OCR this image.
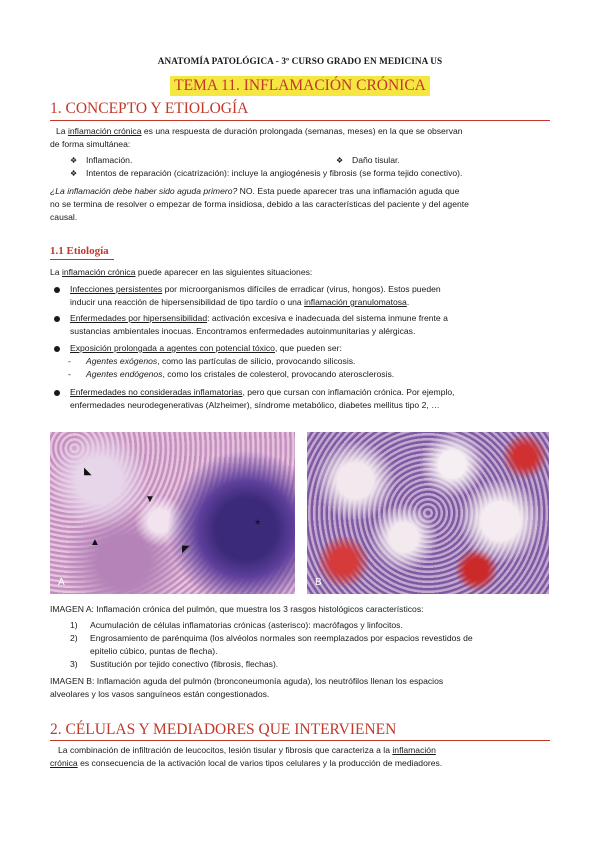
ANATOMÍA PATOLÓGICA - 3º CURSO GRADO EN MEDICINA US
TEMA 11. INFLAMACIÓN CRÓNICA
1. CONCEPTO Y ETIOLOGÍA
La inflamación crónica es una respuesta de duración prolongada (semanas, meses) en la que se observan
de forma simultánea:
❖ Inflamación.	❖ Daño tisular.
❖ Intentos de reparación (cicatrización): incluye la angiogénesis y fibrosis (se forma tejido conectivo).
¿La inflamación debe haber sido aguda primero? NO. Esta puede aparecer tras una inflamación aguda que
no se termina de resolver o empezar de forma insidiosa, debido a las características del paciente y del agente
causal.
1.1 Etiología
La inflamación crónica puede aparecer en las siguientes situaciones:
Infecciones persistentes por microorganismos difíciles de erradicar (virus, hongos). Estos pueden
inducir una reacción de hipersensibilidad de tipo tardío o una inflamación granulomatosa.
Enfermedades por hipersensibilidad: activación excesiva e inadecuada del sistema inmune frente a
sustancias ambientales inocuas. Encontramos enfermedades autoinmunitarias y alérgicas.
Exposición prolongada a agentes con potencial tóxico, que pueden ser:
- Agentes exógenos, como las partículas de silicio, provocando silicosis.
- Agentes endógenos, como los cristales de colesterol, provocando aterosclerosis.
Enfermedades no consideradas inflamatorias, pero que cursan con inflamación crónica. Por ejemplo,
enfermedades neurodegenerativas (Alzheimer), síndrome metabólico, diabetes mellitus tipo 2, …
◣
▼
▲
◤
*
A	B
IMAGEN A: Inflamación crónica del pulmón, que muestra los 3 rasgos histológicos característicos:
1)	Acumulación de células inflamatorias crónicas (asterisco): macrófagos y linfocitos.
2)	Engrosamiento de parénquima (los alvéolos normales son reemplazados por espacios revestidos de
epitelio cúbico, puntas de flecha).
3)	Sustitución por tejido conectivo (fibrosis, flechas).
IMAGEN B: Inflamación aguda del pulmón (bronconeumonía aguda), los neutrófilos llenan los espacios
alveolares y los vasos sanguíneos están congestionados.
2. CÉLULAS Y MEDIADORES QUE INTERVIENEN
La combinación de infiltración de leucocitos, lesión tisular y fibrosis que caracteriza a la inflamación
crónica es consecuencia de la activación local de varios tipos celulares y la producción de mediadores.
